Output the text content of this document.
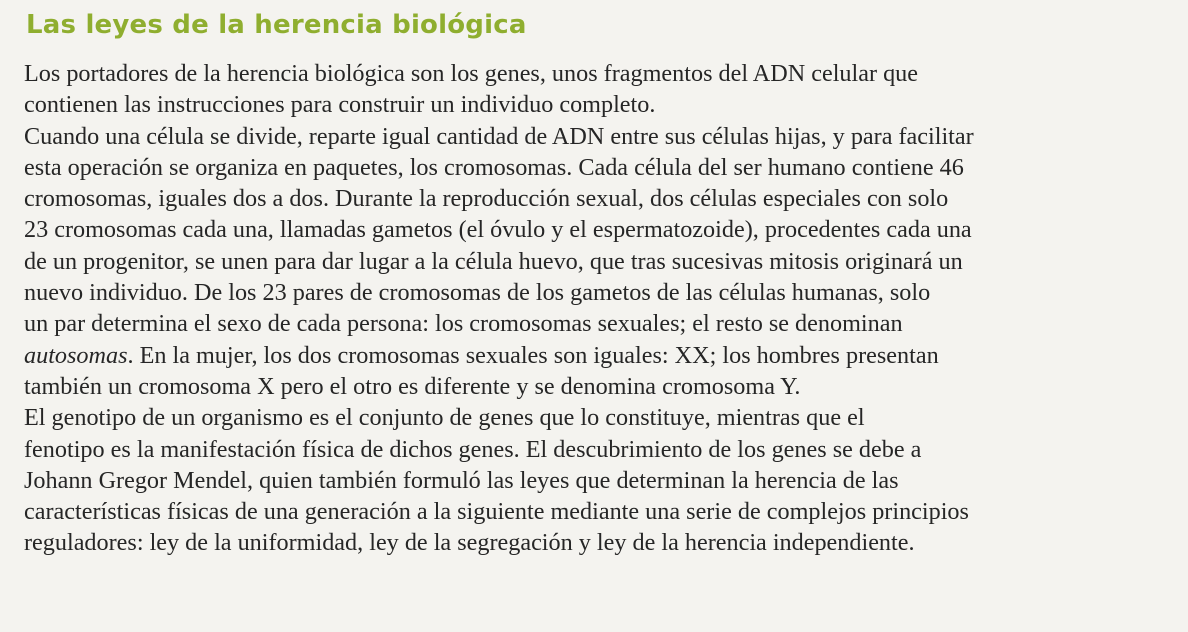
Las leyes de la herencia biológica
Los portadores de la herencia biológica son los genes, unos fragmentos del ADN celular que
contienen las instrucciones para construir un individuo completo.
Cuando una célula se divide, reparte igual cantidad de ADN entre sus células hijas, y para facilitar
esta operación se organiza en paquetes, los cromosomas. Cada célula del ser humano contiene 46
cromosomas, iguales dos a dos. Durante la reproducción sexual, dos células especiales con solo
23 cromosomas cada una, llamadas gametos (el óvulo y el espermatozoide), procedentes cada una
de un progenitor, se unen para dar lugar a la célula huevo, que tras sucesivas mitosis originará un
nuevo individuo. De los 23 pares de cromosomas de los gametos de las células humanas, solo
un par determina el sexo de cada persona: los cromosomas sexuales; el resto se denominan
autosomas. En la mujer, los dos cromosomas sexuales son iguales: XX; los hombres presentan
también un cromosoma X pero el otro es diferente y se denomina cromosoma Y.
El genotipo de un organismo es el conjunto de genes que lo constituye, mientras que el
fenotipo es la manifestación física de dichos genes. El descubrimiento de los genes se debe a
Johann Gregor Mendel, quien también formuló las leyes que determinan la herencia de las
características físicas de una generación a la siguiente mediante una serie de complejos principios
reguladores: ley de la uniformidad, ley de la segregación y ley de la herencia independiente.
